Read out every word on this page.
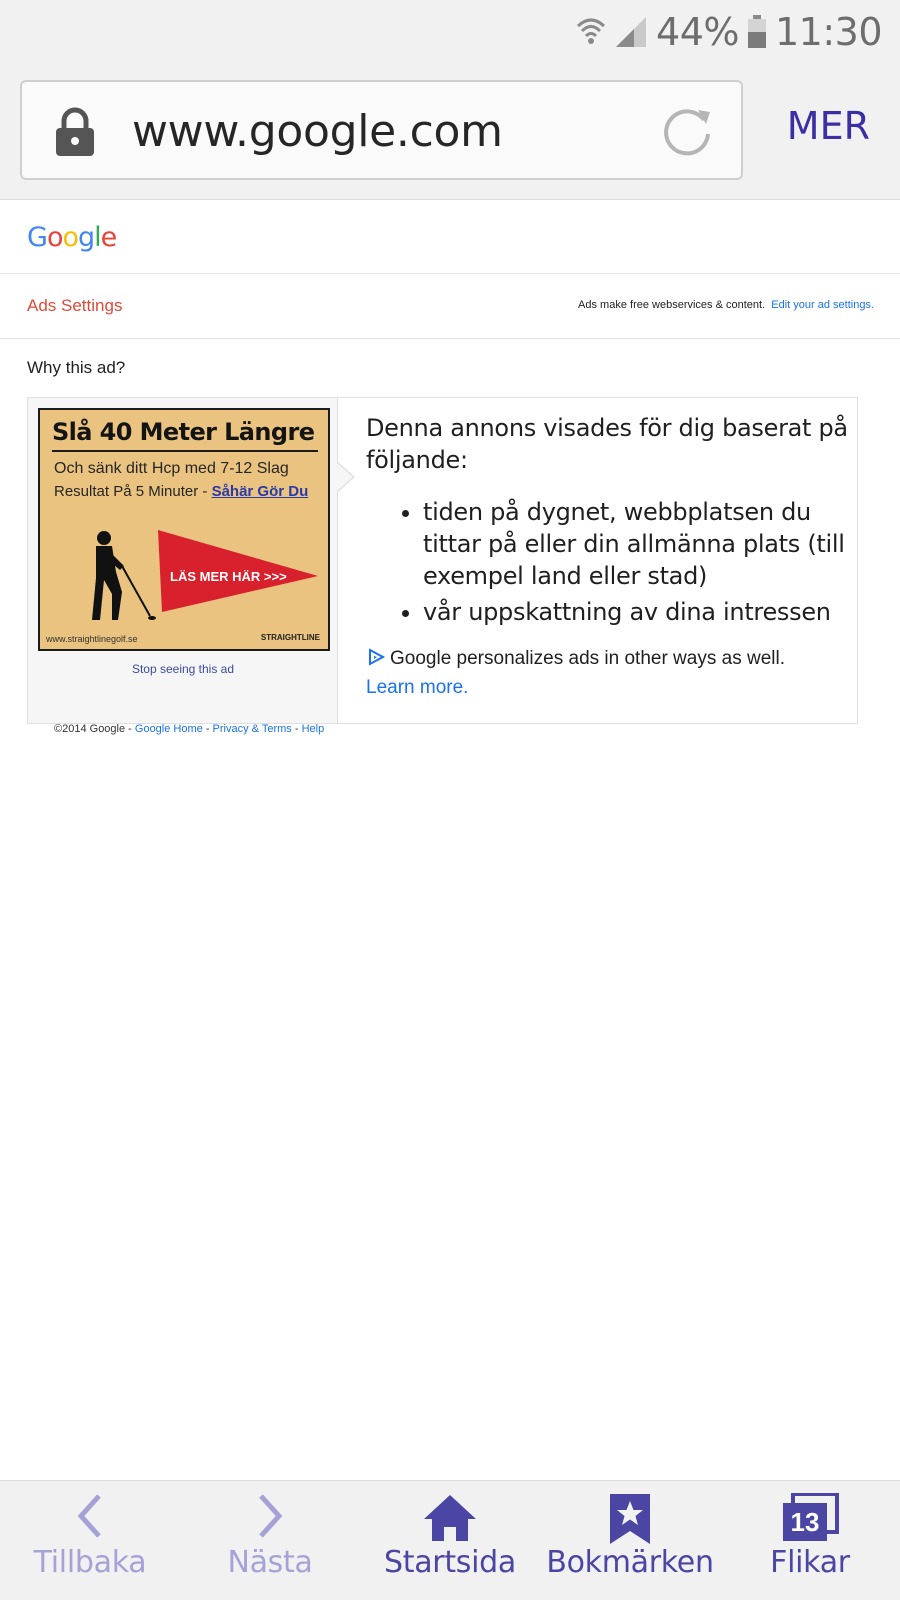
44% 11:30
www.google.com	MER
Google
Ads Settings	Ads make free webservices & content. Edit your ad settings.
Why this ad?
Slå 40 Meter Längre
Och sänk ditt Hcp med 7-12 Slag
Resultat På 5 Minuter - Såhär Gör Du
LÄS MER HÄR >>>
www.straightlinegolf.se	STRAIGHTLINE
Stop seeing this ad
Denna annons visades för dig baserat på följande:
• tiden på dygnet, webbplatsen du tittar på eller din allmänna plats (till exempel land eller stad)
• vår uppskattning av dina intressen
Google personalizes ads in other ways as well.
Learn more.
©2014 Google - Google Home - Privacy & Terms - Help
Tillbaka	Nästa	Startsida	Bokmärken
13
Flikar
